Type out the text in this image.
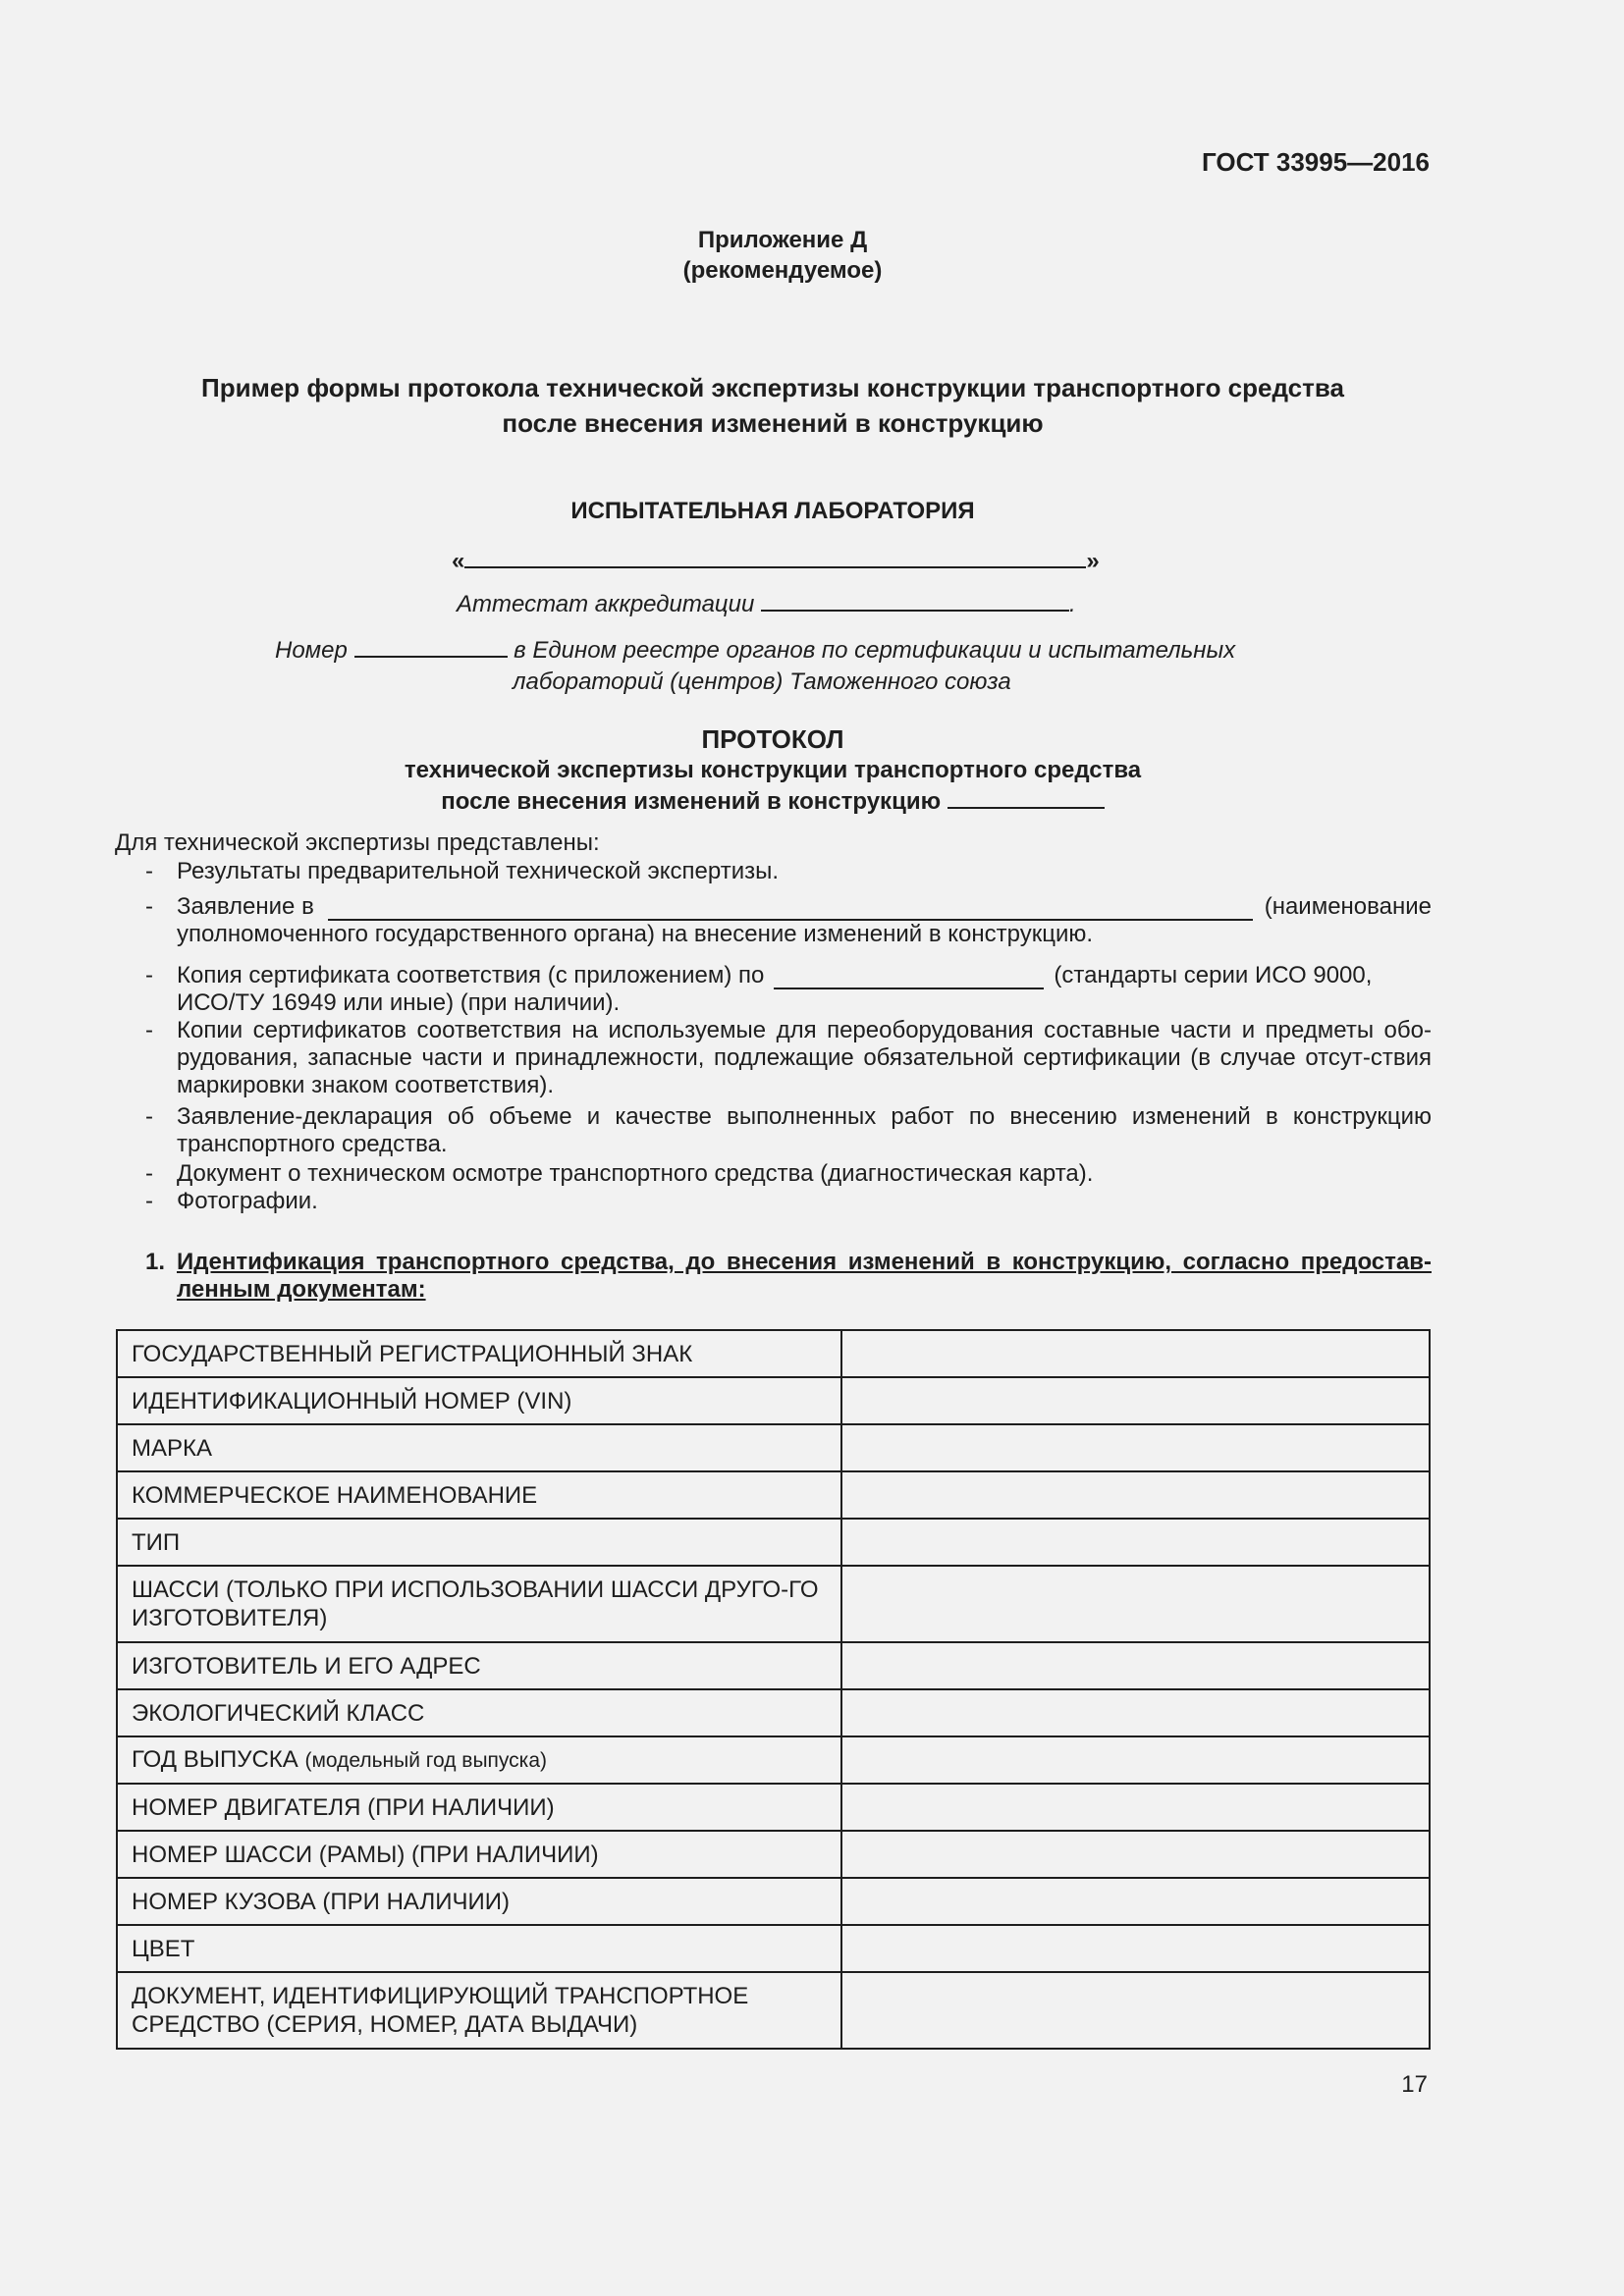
ГОСТ 33995—2016
Приложение Д
(рекомендуемое)
Пример формы протокола технической экспертизы конструкции транспортного средства
после внесения изменений в конструкцию
ИСПЫТАТЕЛЬНАЯ ЛАБОРАТОРИЯ
«	»
Аттестат аккредитации	.
Номер	в Едином реестре органов по сертификации и испытательных
лабораторий (центров) Таможенного союза
ПРОТОКОЛ
технической экспертизы конструкции транспортного средства
после внесения изменений в конструкцию
Для технической экспертизы представлены:
- Результаты предварительной технической экспертизы.
- Заявление в	(наименование
уполномоченного государственного органа) на внесение изменений в конструкцию.
- Копия сертификата соответствия (с приложением) по	(стандарты серии ИСО 9000,
ИСО/ТУ 16949 или иные) (при наличии).
- Копии сертификатов соответствия на используемые для переоборудования составные части и предметы обо-рудования, запасные части и принадлежности, подлежащие обязательной сертификации (в случае отсут-ствия маркировки знаком соответствия).
- Заявление-декларация об объеме и качестве выполненных работ по внесению изменений в конструкцию транспортного средства.
- Документ о техническом осмотре транспортного средства (диагностическая карта).
- Фотографии.
1. Идентификация транспортного средства, до внесения изменений в конструкцию, согласно предостав-ленным документам:
ГОСУДАРСТВЕННЫЙ РЕГИСТРАЦИОННЫЙ ЗНАК	
ИДЕНТИФИКАЦИОННЫЙ НОМЕР (VIN)	
МАРКА	
КОММЕРЧЕСКОЕ НАИМЕНОВАНИЕ	
ТИП	
ШАССИ (ТОЛЬКО ПРИ ИСПОЛЬЗОВАНИИ ШАССИ ДРУГО-ГО ИЗГОТОВИТЕЛЯ)	
ИЗГОТОВИТЕЛЬ И ЕГО АДРЕС	
ЭКОЛОГИЧЕСКИЙ КЛАСС	
ГОД ВЫПУСКА (модельный год выпуска)	
НОМЕР ДВИГАТЕЛЯ (ПРИ НАЛИЧИИ)	
НОМЕР ШАССИ (РАМЫ) (ПРИ НАЛИЧИИ)	
НОМЕР КУЗОВА (ПРИ НАЛИЧИИ)	
ЦВЕТ	
ДОКУМЕНТ, ИДЕНТИФИЦИРУЮЩИЙ ТРАНСПОРТНОЕ СРЕДСТВО (СЕРИЯ, НОМЕР, ДАТА ВЫДАЧИ)	
17
